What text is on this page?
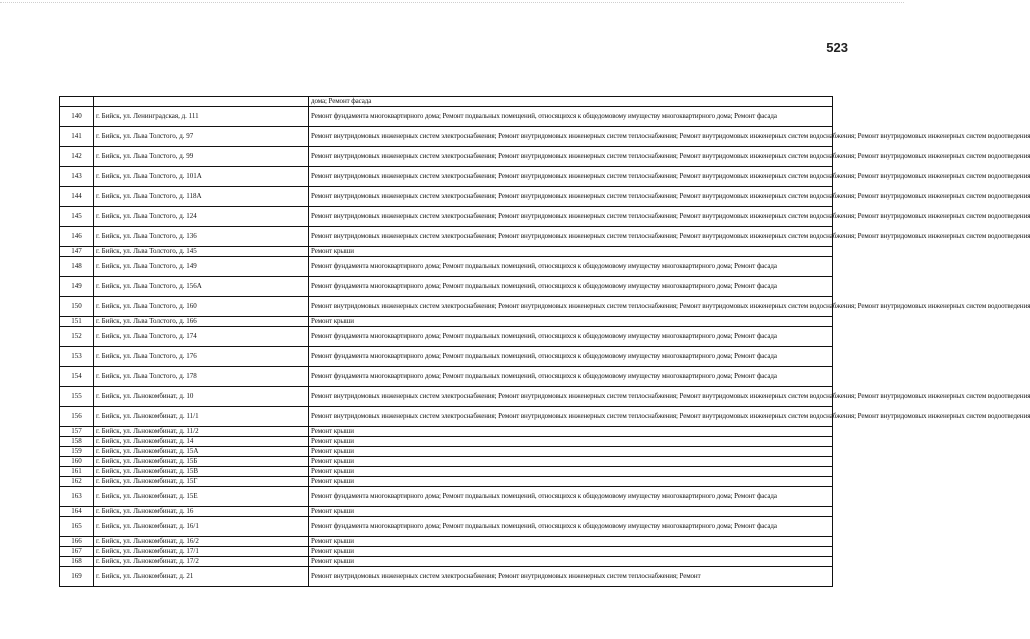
523
		дома; Ремонт фасада
140	г. Бийск, ул. Ленинградская, д. 111	Ремонт фундамента многоквартирного дома; Ремонт подвальных помещений, относящихся к общедомовому имуществу многоквартирного дома; Ремонт фасада
141	г. Бийск, ул. Льва Толстого, д. 97	Ремонт внутридомовых инженерных систем электроснабжения; Ремонт внутридомовых инженерных систем теплоснабжения; Ремонт внутридомовых инженерных систем водоснабжения; Ремонт внутридомовых инженерных систем водоотведения
142	г. Бийск, ул. Льва Толстого, д. 99	Ремонт внутридомовых инженерных систем электроснабжения; Ремонт внутридомовых инженерных систем теплоснабжения; Ремонт внутридомовых инженерных систем водоснабжения; Ремонт внутридомовых инженерных систем водоотведения
143	г. Бийск, ул. Льва Толстого, д. 101А	Ремонт внутридомовых инженерных систем электроснабжения; Ремонт внутридомовых инженерных систем теплоснабжения; Ремонт внутридомовых инженерных систем водоснабжения; Ремонт внутридомовых инженерных систем водоотведения
144	г. Бийск, ул. Льва Толстого, д. 118А	Ремонт внутридомовых инженерных систем электроснабжения; Ремонт внутридомовых инженерных систем теплоснабжения; Ремонт внутридомовых инженерных систем водоснабжения; Ремонт внутридомовых инженерных систем водоотведения
145	г. Бийск, ул. Льва Толстого, д. 124	Ремонт внутридомовых инженерных систем электроснабжения; Ремонт внутридомовых инженерных систем теплоснабжения; Ремонт внутридомовых инженерных систем водоснабжения; Ремонт внутридомовых инженерных систем водоотведения
146	г. Бийск, ул. Льва Толстого, д. 136	Ремонт внутридомовых инженерных систем электроснабжения; Ремонт внутридомовых инженерных систем теплоснабжения; Ремонт внутридомовых инженерных систем водоснабжения; Ремонт внутридомовых инженерных систем водоотведения
147	г. Бийск, ул. Льва Толстого, д. 145	Ремонт крыши
148	г. Бийск, ул. Льва Толстого, д. 149	Ремонт фундамента многоквартирного дома; Ремонт подвальных помещений, относящихся к общедомовому имуществу многоквартирного дома; Ремонт фасада
149	г. Бийск, ул. Льва Толстого, д. 156А	Ремонт фундамента многоквартирного дома; Ремонт подвальных помещений, относящихся к общедомовому имуществу многоквартирного дома; Ремонт фасада
150	г. Бийск, ул. Льва Толстого, д. 160	Ремонт внутридомовых инженерных систем электроснабжения; Ремонт внутридомовых инженерных систем теплоснабжения; Ремонт внутридомовых инженерных систем водоснабжения; Ремонт внутридомовых инженерных систем водоотведения
151	г. Бийск, ул. Льва Толстого, д. 166	Ремонт крыши
152	г. Бийск, ул. Льва Толстого, д. 174	Ремонт фундамента многоквартирного дома; Ремонт подвальных помещений, относящихся к общедомовому имуществу многоквартирного дома; Ремонт фасада
153	г. Бийск, ул. Льва Толстого, д. 176	Ремонт фундамента многоквартирного дома; Ремонт подвальных помещений, относящихся к общедомовому имуществу многоквартирного дома; Ремонт фасада
154	г. Бийск, ул. Льва Толстого, д. 178	Ремонт фундамента многоквартирного дома; Ремонт подвальных помещений, относящихся к общедомовому имуществу многоквартирного дома; Ремонт фасада
155	г. Бийск, ул. Льнокомбинат, д. 10	Ремонт внутридомовых инженерных систем электроснабжения; Ремонт внутридомовых инженерных систем теплоснабжения; Ремонт внутридомовых инженерных систем водоснабжения; Ремонт внутридомовых инженерных систем водоотведения
156	г. Бийск, ул. Льнокомбинат, д. 11/1	Ремонт внутридомовых инженерных систем электроснабжения; Ремонт внутридомовых инженерных систем теплоснабжения; Ремонт внутридомовых инженерных систем водоснабжения; Ремонт внутридомовых инженерных систем водоотведения
157	г. Бийск, ул. Льнокомбинат, д. 11/2	Ремонт крыши
158	г. Бийск, ул. Льнокомбинат, д. 14	Ремонт крыши
159	г. Бийск, ул. Льнокомбинат, д. 15А	Ремонт крыши
160	г. Бийск, ул. Льнокомбинат, д. 15Б	Ремонт крыши
161	г. Бийск, ул. Льнокомбинат, д. 15В	Ремонт крыши
162	г. Бийск, ул. Льнокомбинат, д. 15Г	Ремонт крыши
163	г. Бийск, ул. Льнокомбинат, д. 15Е	Ремонт фундамента многоквартирного дома; Ремонт подвальных помещений, относящихся к общедомовому имуществу многоквартирного дома; Ремонт фасада
164	г. Бийск, ул. Льнокомбинат, д. 16	Ремонт крыши
165	г. Бийск, ул. Льнокомбинат, д. 16/1	Ремонт фундамента многоквартирного дома; Ремонт подвальных помещений, относящихся к общедомовому имуществу многоквартирного дома; Ремонт фасада
166	г. Бийск, ул. Льнокомбинат, д. 16/2	Ремонт крыши
167	г. Бийск, ул. Льнокомбинат, д. 17/1	Ремонт крыши
168	г. Бийск, ул. Льнокомбинат, д. 17/2	Ремонт крыши
169	г. Бийск, ул. Льнокомбинат, д. 21	Ремонт внутридомовых инженерных систем электроснабжения; Ремонт внутридомовых инженерных систем теплоснабжения; Ремонт
